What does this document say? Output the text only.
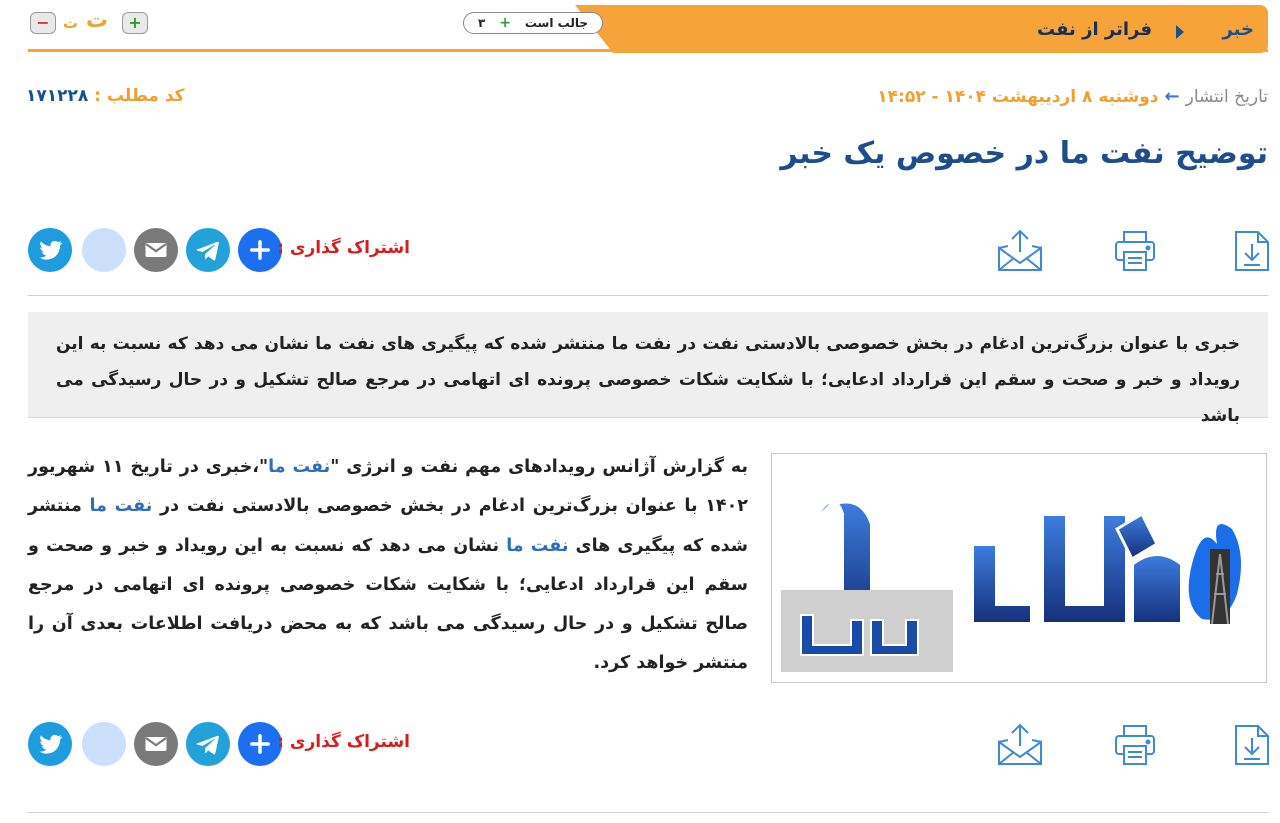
خبر
فراتر از نفت
جالب است
+
۳
− ت ت	+
تاریخ انتشار
←
دوشنبه ۸ اردیبهشت ۱۴۰۴ - ۱۴:۵۲
کد مطلب : ۱۷۱۲۲۸
توضیح نفت ما در خصوص یک خبر
اشتراک گذاری :
خبری با عنوان بزرگ‌ترین ادغام در بخش خصوصی بالادستی نفت در نفت ما منتشر شده که پیگیری های نفت ما نشان می دهد که نسبت به این رویداد و خبر و صحت و سقم این قرارداد ادعایی؛ با شکایت شکات خصوصی پرونده ای اتهامی در مرجع صالح تشکیل و در حال رسیدگی می باشد
به گزارش آژانس رویدادهای مهم نفت و انرژی "نفت ما"،خبری در تاریخ ۱۱ شهریور ۱۴۰۲ با عنوان بزرگ‌ترین ادغام در بخش خصوصی بالادستی نفت در نفت ما منتشر شده که پیگیری های نفت ما نشان می دهد که نسبت به این رویداد و خبر و صحت و سقم این قرارداد ادعایی؛ با شکایت شکات خصوصی پرونده ای اتهامی در مرجع صالح تشکیل و در حال رسیدگی می باشد که به محض دریافت اطلاعات بعدی آن را منتشر خواهد کرد.
اشتراک گذاری :
